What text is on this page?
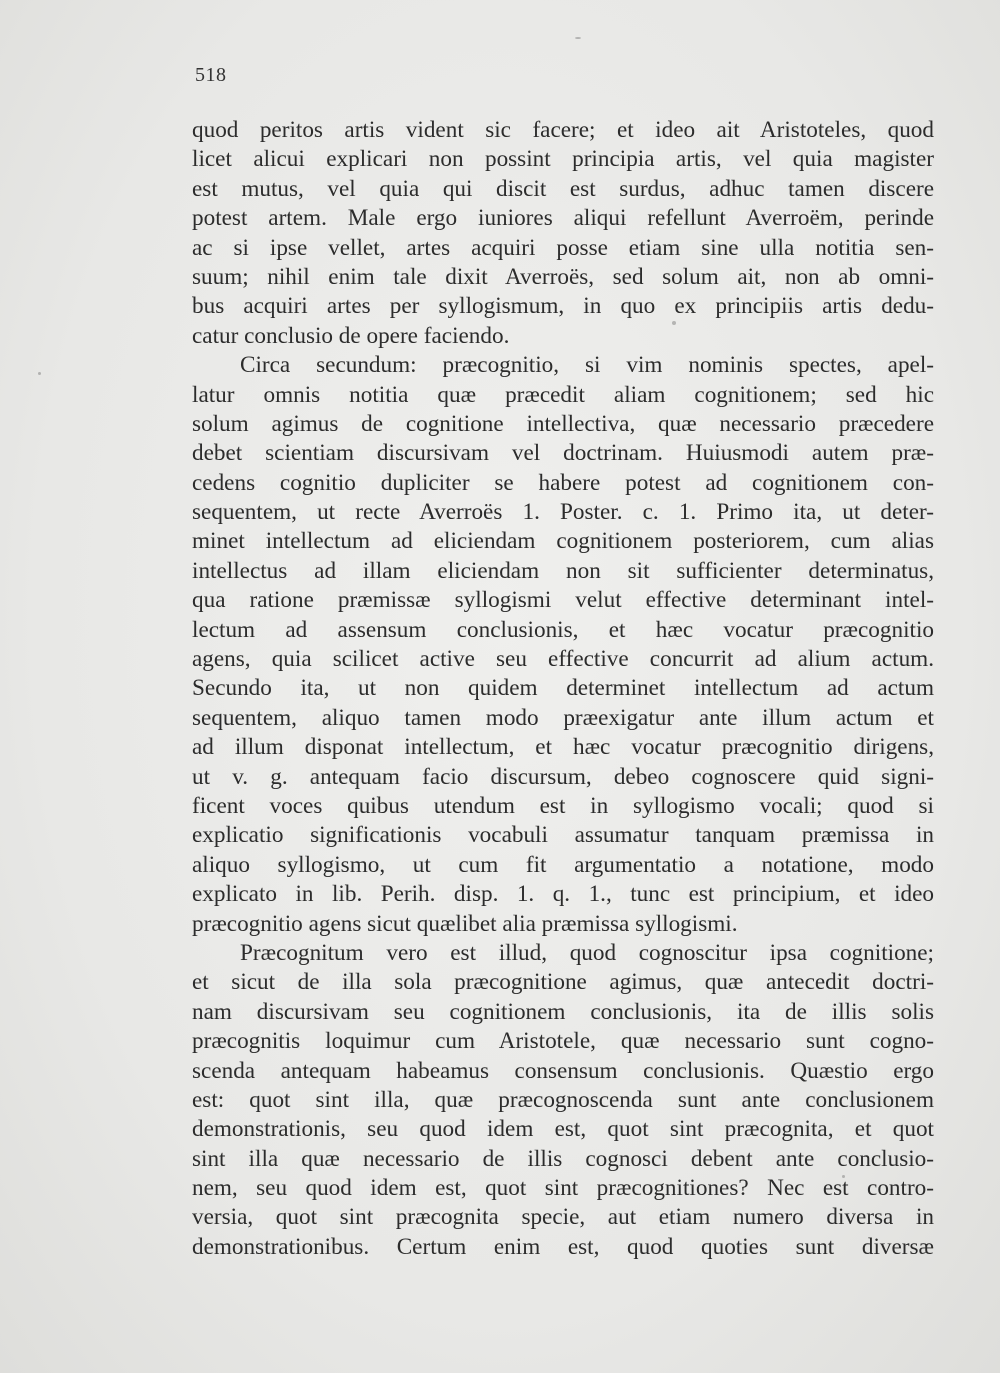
518
quod peritos artis vident sic facere; et ideo ait Aristoteles, quod
licet alicui explicari non possint principia artis, vel quia magister
est mutus, vel quia qui discit est surdus, adhuc tamen discere
potest artem. Male ergo iuniores aliqui refellunt Averroëm, perinde
ac si ipse vellet, artes acquiri posse etiam sine ulla notitia sen-
suum; nihil enim tale dixit Averroës, sed solum ait, non ab omni-
bus acquiri artes per syllogismum, in quo ex principiis artis dedu-
catur conclusio de opere faciendo.
Circa secundum: præcognitio, si vim nominis spectes, apel-
latur omnis notitia quæ præcedit aliam cognitionem; sed hic
solum agimus de cognitione intellectiva, quæ necessario præcedere
debet scientiam discursivam vel doctrinam. Huiusmodi autem præ-
cedens cognitio dupliciter se habere potest ad cognitionem con-
sequentem, ut recte Averroës 1. Poster. c. 1. Primo ita, ut deter-
minet intellectum ad eliciendam cognitionem posteriorem, cum alias
intellectus ad illam eliciendam non sit sufficienter determinatus,
qua ratione præmissæ syllogismi velut effective determinant intel-
lectum ad assensum conclusionis, et hæc vocatur præcognitio
agens, quia scilicet active seu effective concurrit ad alium actum.
Secundo ita, ut non quidem determinet intellectum ad actum
sequentem, aliquo tamen modo præexigatur ante illum actum et
ad illum disponat intellectum, et hæc vocatur præcognitio dirigens,
ut v. g. antequam facio discursum, debeo cognoscere quid signi-
ficent voces quibus utendum est in syllogismo vocali; quod si
explicatio significationis vocabuli assumatur tanquam præmissa in
aliquo syllogismo, ut cum fit argumentatio a notatione, modo
explicato in lib. Perih. disp. 1. q. 1., tunc est principium, et ideo
præcognitio agens sicut quælibet alia præmissa syllogismi.
Præcognitum vero est illud, quod cognoscitur ipsa cognitione;
et sicut de illa sola præcognitione agimus, quæ antecedit doctri-
nam discursivam seu cognitionem conclusionis, ita de illis solis
præcognitis loquimur cum Aristotele, quæ necessario sunt cogno-
scenda antequam habeamus consensum conclusionis. Quæstio ergo
est: quot sint illa, quæ præcognoscenda sunt ante conclusionem
demonstrationis, seu quod idem est, quot sint præcognita, et quot
sint illa quæ necessario de illis cognosci debent ante conclusio-
nem, seu quod idem est, quot sint præcognitiones? Nec est contro-
versia, quot sint præcognita specie, aut etiam numero diversa in
demonstrationibus. Certum enim est, quod quoties sunt diversæ
